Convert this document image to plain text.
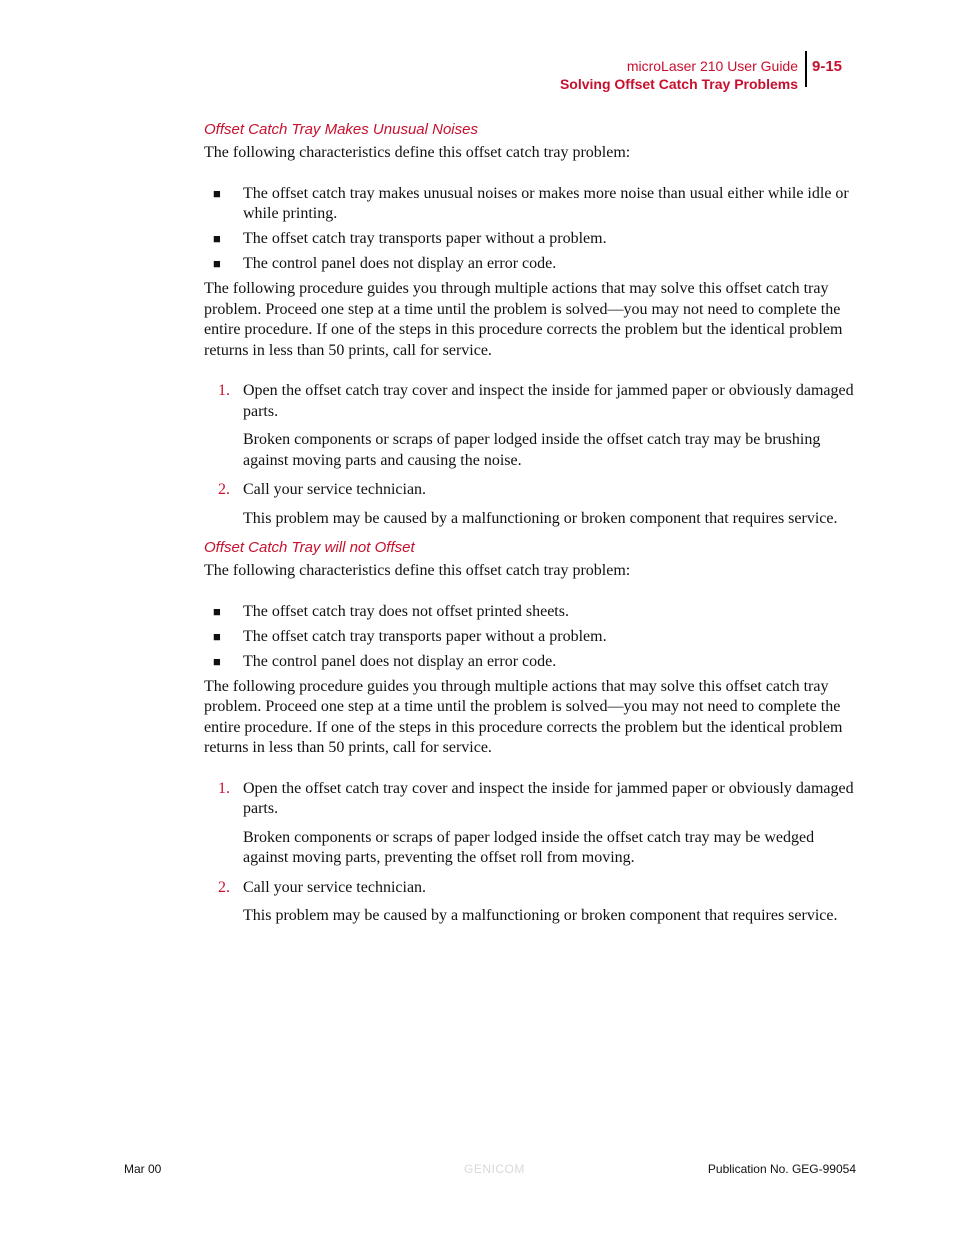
microLaser 210 User Guide
Solving Offset Catch Tray Problems
9-15
Offset Catch Tray Makes Unusual Noises

The following characteristics define this offset catch tray problem:

■ The offset catch tray makes unusual noises or makes more noise than usual either while idle or while printing.
■ The offset catch tray transports paper without a problem.
■ The control panel does not display an error code.

The following procedure guides you through multiple actions that may solve this offset catch tray problem. Proceed one step at a time until the problem is solved—you may not need to complete the entire procedure. If one of the steps in this procedure corrects the problem but the identical problem returns in less than 50 prints, call for service.

1. Open the offset catch tray cover and inspect the inside for jammed paper or obviously damaged parts.
Broken components or scraps of paper lodged inside the offset catch tray may be brushing against moving parts and causing the noise.
2. Call your service technician.
This problem may be caused by a malfunctioning or broken component that requires service.
Offset Catch Tray will not Offset

The following characteristics define this offset catch tray problem:

■ The offset catch tray does not offset printed sheets.
■ The offset catch tray transports paper without a problem.
■ The control panel does not display an error code.

The following procedure guides you through multiple actions that may solve this offset catch tray problem. Proceed one step at a time until the problem is solved—you may not need to complete the entire procedure. If one of the steps in this procedure corrects the problem but the identical problem returns in less than 50 prints, call for service.

1. Open the offset catch tray cover and inspect the inside for jammed paper or obviously damaged parts.
Broken components or scraps of paper lodged inside the offset catch tray may be wedged against moving parts, preventing the offset roll from moving.
2. Call your service technician.
This problem may be caused by a malfunctioning or broken component that requires service.
Mar 00	GENICOM	Publication No. GEG-99054
